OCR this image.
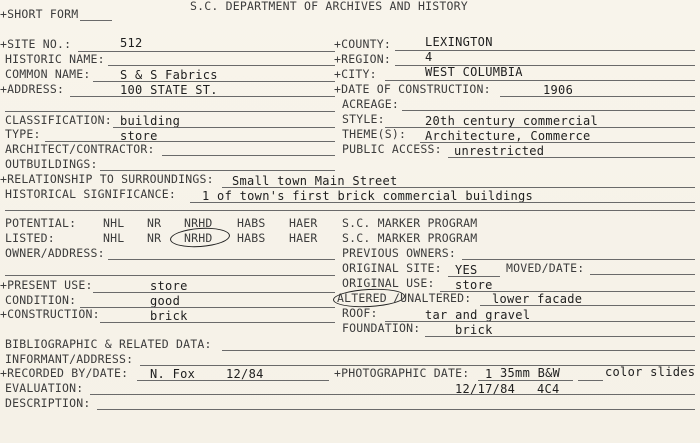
+SHORT FORM
S.C. DEPARTMENT OF ARCHIVES AND HISTORY
+SITE NO.:	512
HISTORIC NAME:
COMMON NAME: S & S Fabrics
+ADDRESS:	100 STATE ST.
+COUNTY:	LEXINGTON
+REGION:	4
+CITY:	WEST COLUMBIA
+DATE OF CONSTRUCTION:	1906
ACREAGE:
CLASSIFICATION: building
TYPE:	store
ARCHITECT/CONTRACTOR:
OUTBUILDINGS:
STYLE:	20th century commercial
THEME(S): Architecture, Commerce
PUBLIC ACCESS: unrestricted
+RELATIONSHIP TO SURROUNDINGS: Small town Main Street
HISTORICAL SIGNIFICANCE: 1 of town's first brick commercial buildings
POTENTIAL: NHL NR NRHD HABS HAER S.C. MARKER PROGRAM
LISTED:	NHL NR NRHD HABS HAER S.C. MARKER PROGRAM
OWNER/ADDRESS:	PREVIOUS OWNERS:
ORIGINAL SITE: YES MOVED/DATE:
+PRESENT USE:	store
CONDITION:	good
+CONSTRUCTION:	brick
ORIGINAL USE: store
ALTERED /UNALTERED: lower facade
ROOF:	tar and gravel
FOUNDATION:	brick
BIBLIOGRAPHIC & RELATED DATA:
INFORMANT/ADDRESS:
+RECORDED BY/DATE: N. Fox	12/84	+PHOTOGRAPHIC DATE: 1 35mm B&W	color slides
EVALUATION:	12/17/84 4C4
DESCRIPTION:
